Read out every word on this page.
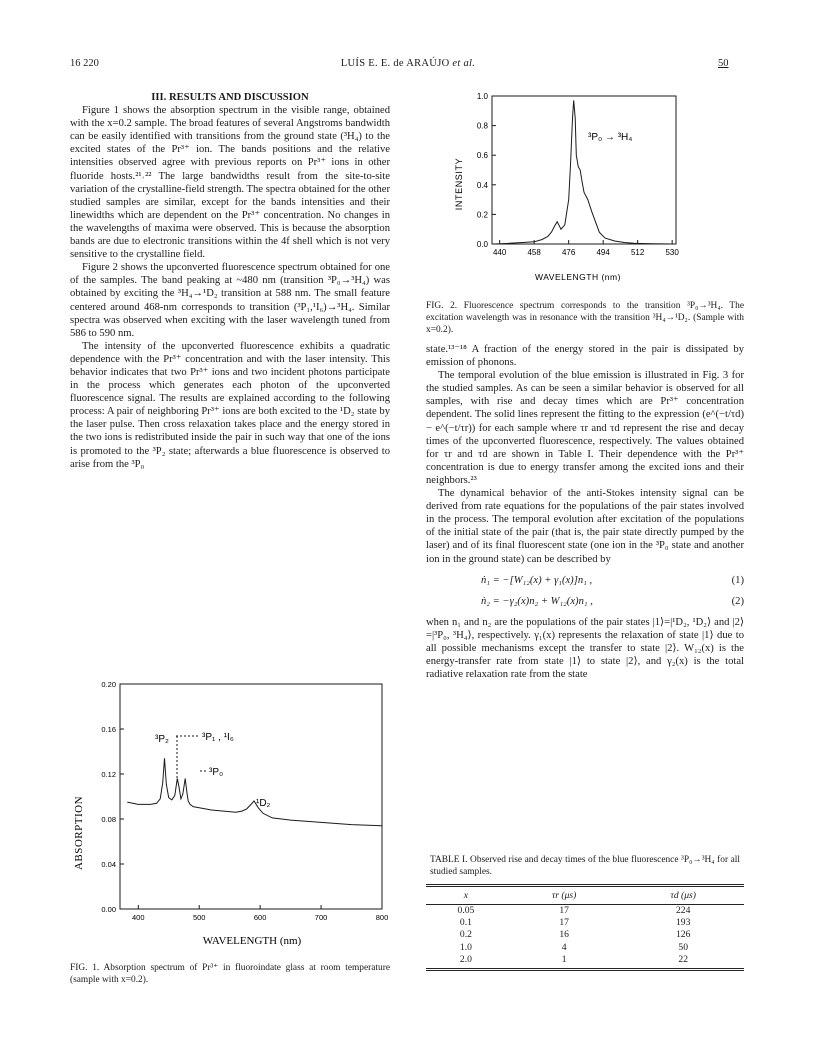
16 220	LUÍS E. E. de ARAÚJO et al.	50

III. RESULTS AND DISCUSSION

Figure 1 shows the absorption spectrum in the visible range, obtained with the x=0.2 sample. The broad features of several Angstroms bandwidth can be easily identified with transitions from the ground state (³H₄) to the excited states of the Pr³⁺ ion. The bands positions and the relative intensities observed agree with previous reports on Pr³⁺ ions in other fluoride hosts.²¹˒²² The large bandwidths result from the site-to-site variation of the crystalline-field strength. The spectra obtained for the other studied samples are similar, except for the bands intensities and their linewidths which are dependent on the Pr³⁺ concentration. No changes in the wavelengths of maxima were observed. This is because the absorption bands are due to electronic transitions within the 4f shell which is not very sensitive to the crystalline field.

Figure 2 shows the upconverted fluorescence spectrum obtained for one of the samples. The band peaking at ~480 nm (transition ³P₀→³H₄) was obtained by exciting the ³H₄→¹D₂ transition at 588 nm. The small feature centered around 468-nm corresponds to transition (³P₁,¹I₆)→³H₄. Similar spectra was observed when exciting with the laser wavelength tuned from 586 to 590 nm.

The intensity of the upconverted fluorescence exhibits a quadratic dependence with the Pr³⁺ concentration and with the laser intensity. This behavior indicates that two Pr³⁺ ions and two incident photons participate in the process which generates each photon of the upconverted fluorescence signal. The results are explained according to the following process: A pair of neighboring Pr³⁺ ions are both excited to the ¹D₂ state by the laser pulse. Then cross relaxation takes place and the energy stored in the two ions is redistributed inside the pair in such way that one of the ions is promoted to the ³P₂ state; afterwards a blue fluorescence is observed to arise from the ³P₀

400	500	600	700	800
0.00
0.04
0.08
0.12
0.16
0.20
³P₂	³P₁ , ¹I₆
³P₀
¹D₂
ABSORPTION
WAVELENGTH (nm)

FIG. 1. Absorption spectrum of Pr³⁺ in fluoroindate glass at room temperature (sample with x=0.2).

440	458	476	494	512	530
0.0
0.2
0.4
0.6
0.8
1.0
³P₀ → ³H₄
INTENSITY
WAVELENGTH (nm)

FIG. 2. Fluorescence spectrum corresponds to the transition ³P₀→³H₄. The excitation wavelength was in resonance with the transition ³H₄→¹D₂. (Sample with x=0.2).

state.¹³⁻¹⁸ A fraction of the energy stored in the pair is dissipated by emission of phonons.

The temporal evolution of the blue emission is illustrated in Fig. 3 for the studied samples. As can be seen a similar behavior is observed for all samples, with rise and decay times which are Pr³⁺ concentration dependent. The solid lines represent the fitting to the expression (e^(−t/τd) − e^(−t/τr)) for each sample where τr and τd represent the rise and decay times of the upconverted fluorescence, respectively. The values obtained for τr and τd are shown in Table I. Their dependence with the Pr³⁺ concentration is due to energy transfer among the excited ions and their neighbors.²³

The dynamical behavior of the anti-Stokes intensity signal can be derived from rate equations for the populations of the pair states involved in the process. The temporal evolution after excitation of the populations of the initial state of the pair (that is, the pair state directly pumped by the laser) and of its final fluorescent state (one ion in the ³P₀ state and another ion in the ground state) can be described by

ṅ₁ = −[W₁₂(x) + γ₁(x)]n₁ ,	(1)
ṅ₂ = −γ₂(x)n₂ + W₁₂(x)n₁ ,	(2)

when n₁ and n₂ are the populations of the pair states |1⟩=|¹D₂, ¹D₂⟩ and |2⟩=|³P₀, ³H₄⟩, respectively. γ₁(x) represents the relaxation of state |1⟩ due to all possible mechanisms except the transfer to state |2⟩. W₁₂(x) is the energy-transfer rate from state |1⟩ to state |2⟩, and γ₂(x) is the total radiative relaxation rate from the state

TABLE I. Observed rise and decay times of the blue fluorescence ³P₀→³H₄ for all studied samples.
x	τr (μs)	τd (μs)
0.05	17	224
0.1	17	193
0.2	16	126
1.0	4	50
2.0	1	22
